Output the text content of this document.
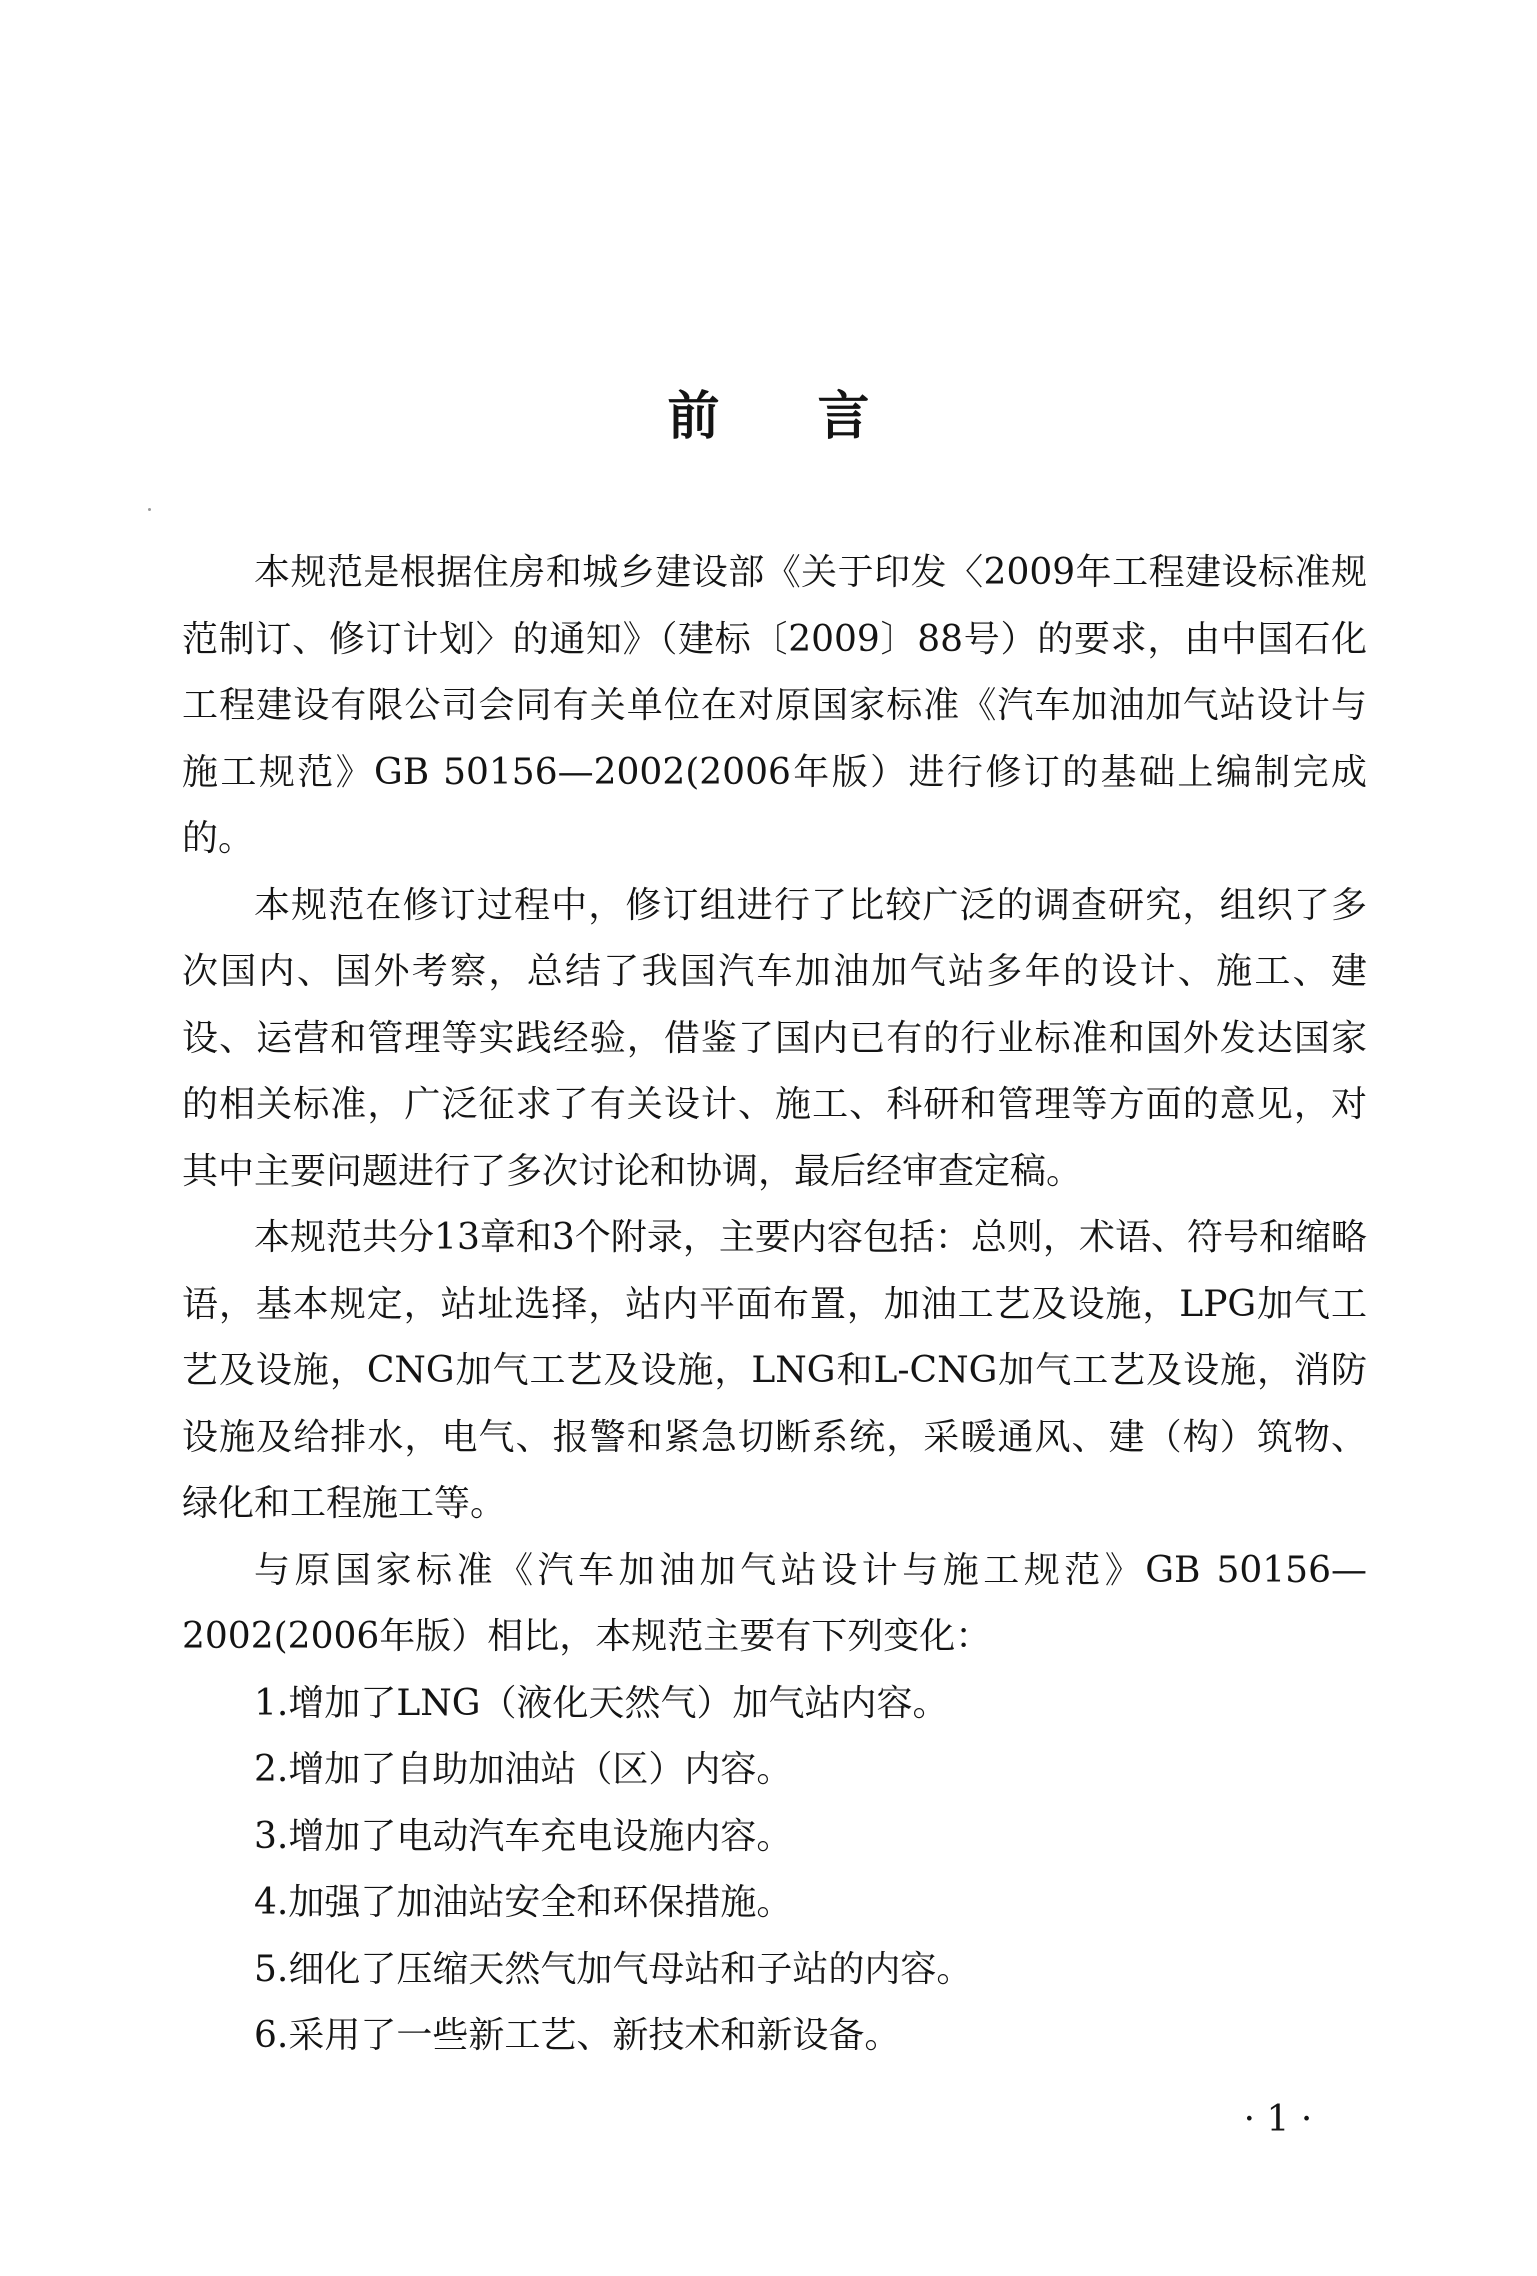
前言

本规范是根据住房和城乡建设部《关于印发〈2009年工程建设标准规范制订、修订计划〉的通知》（建标〔2009〕88号）的要求，由中国石化工程建设有限公司会同有关单位在对原国家标准《汽车加油加气站设计与施工规范》GB 50156—2002(2006年版）进行修订的基础上编制完成的。

本规范在修订过程中，修订组进行了比较广泛的调查研究，组织了多次国内、国外考察，总结了我国汽车加油加气站多年的设计、施工、建设、运营和管理等实践经验，借鉴了国内已有的行业标准和国外发达国家的相关标准，广泛征求了有关设计、施工、科研和管理等方面的意见，对其中主要问题进行了多次讨论和协调，最后经审查定稿。

本规范共分13章和3个附录，主要内容包括：总则，术语、符号和缩略语，基本规定，站址选择，站内平面布置，加油工艺及设施，LPG加气工艺及设施，CNG加气工艺及设施，LNG和L-CNG加气工艺及设施，消防设施及给排水，电气、报警和紧急切断系统，采暖通风、建（构）筑物、绿化和工程施工等。

与原国家标准《汽车加油加气站设计与施工规范》GB 50156—2002(2006年版）相比，本规范主要有下列变化：

1.增加了LNG（液化天然气）加气站内容。
2.增加了自助加油站（区）内容。
3.增加了电动汽车充电设施内容。
4.加强了加油站安全和环保措施。
5.细化了压缩天然气加气母站和子站的内容。
6.采用了一些新工艺、新技术和新设备。
· 1 ·
